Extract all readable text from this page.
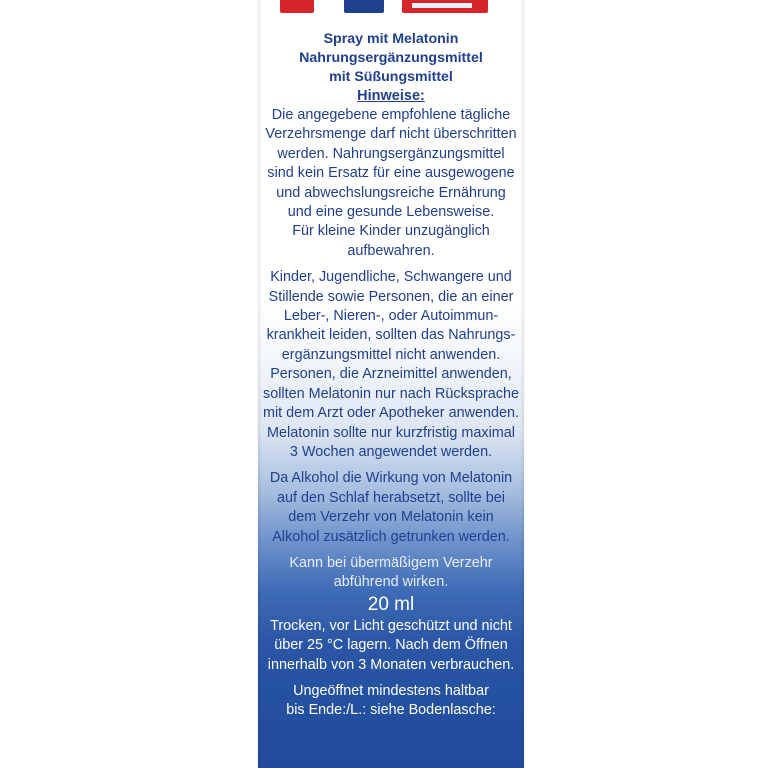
Spray mit Melatonin
Nahrungsergänzungsmittel
mit Süßungsmittel

Hinweise:

Die angegebene empfohlene tägliche
Verzehrsmenge darf nicht überschritten
werden. Nahrungsergänzungsmittel
sind kein Ersatz für eine ausgewogene
und abwechslungsreiche Ernährung
und eine gesunde Lebensweise.
Für kleine Kinder unzugänglich
aufbewahren.

Kinder, Jugendliche, Schwangere und
Stillende sowie Personen, die an einer
Leber-, Nieren-, oder Autoimmun-
krankheit leiden, sollten das Nahrungs-
ergänzungsmittel nicht anwenden.
Personen, die Arzneimittel anwenden,
sollten Melatonin nur nach Rücksprache
mit dem Arzt oder Apotheker anwenden.
Melatonin sollte nur kurzfristig maximal
3 Wochen angewendet werden.

Da Alkohol die Wirkung von Melatonin
auf den Schlaf herabsetzt, sollte bei
dem Verzehr von Melatonin kein
Alkohol zusätzlich getrunken werden.

Kann bei übermäßigem Verzehr
abführend wirken.

20 ml

Trocken, vor Licht geschützt und nicht
über 25 °C lagern. Nach dem Öffnen
innerhalb von 3 Monaten verbrauchen.

Ungeöffnet mindestens haltbar
bis Ende:/L.: siehe Bodenlasche:
